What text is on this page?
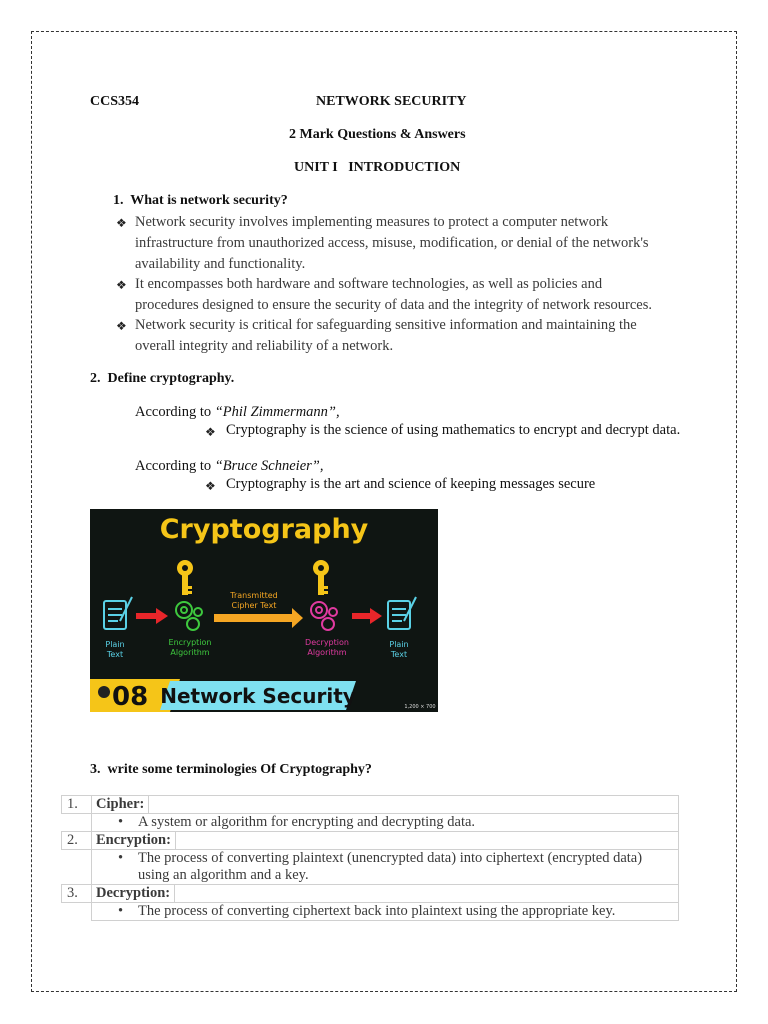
CCS354	NETWORK SECURITY
2 Mark Questions & Answers
UNIT I   INTRODUCTION
1.  What is network security?
❖ Network security involves implementing measures to protect a computer network
infrastructure from unauthorized access, misuse, modification, or denial of the network's
availability and functionality.
❖ It encompasses both hardware and software technologies, as well as policies and
procedures designed to ensure the security of data and the integrity of network resources.
❖ Network security is critical for safeguarding sensitive information and maintaining the
overall integrity and reliability of a network.
2.  Define cryptography.
According to “Phil Zimmermann”,
❖ Cryptography is the science of using mathematics to encrypt and decrypt data.
According to “Bruce Schneier”,
❖ Cryptography is the art and science of keeping messages secure
Cryptography
Plain Text
Encryption Algorithm
Transmitted Cipher Text
Decryption Algorithm
Plain Text
08 Network Security	1,200 × 700
3.  write some terminologies Of Cryptography?
1.	Cipher:

	• A system or algorithm for encrypting and decrypting data.
2.	Encryption:

	• The process of converting plaintext (unencrypted data) into ciphertext (encrypted data)
using an algorithm and a key.

3.	Decryption:

	• The process of converting ciphertext back into plaintext using the appropriate key.
